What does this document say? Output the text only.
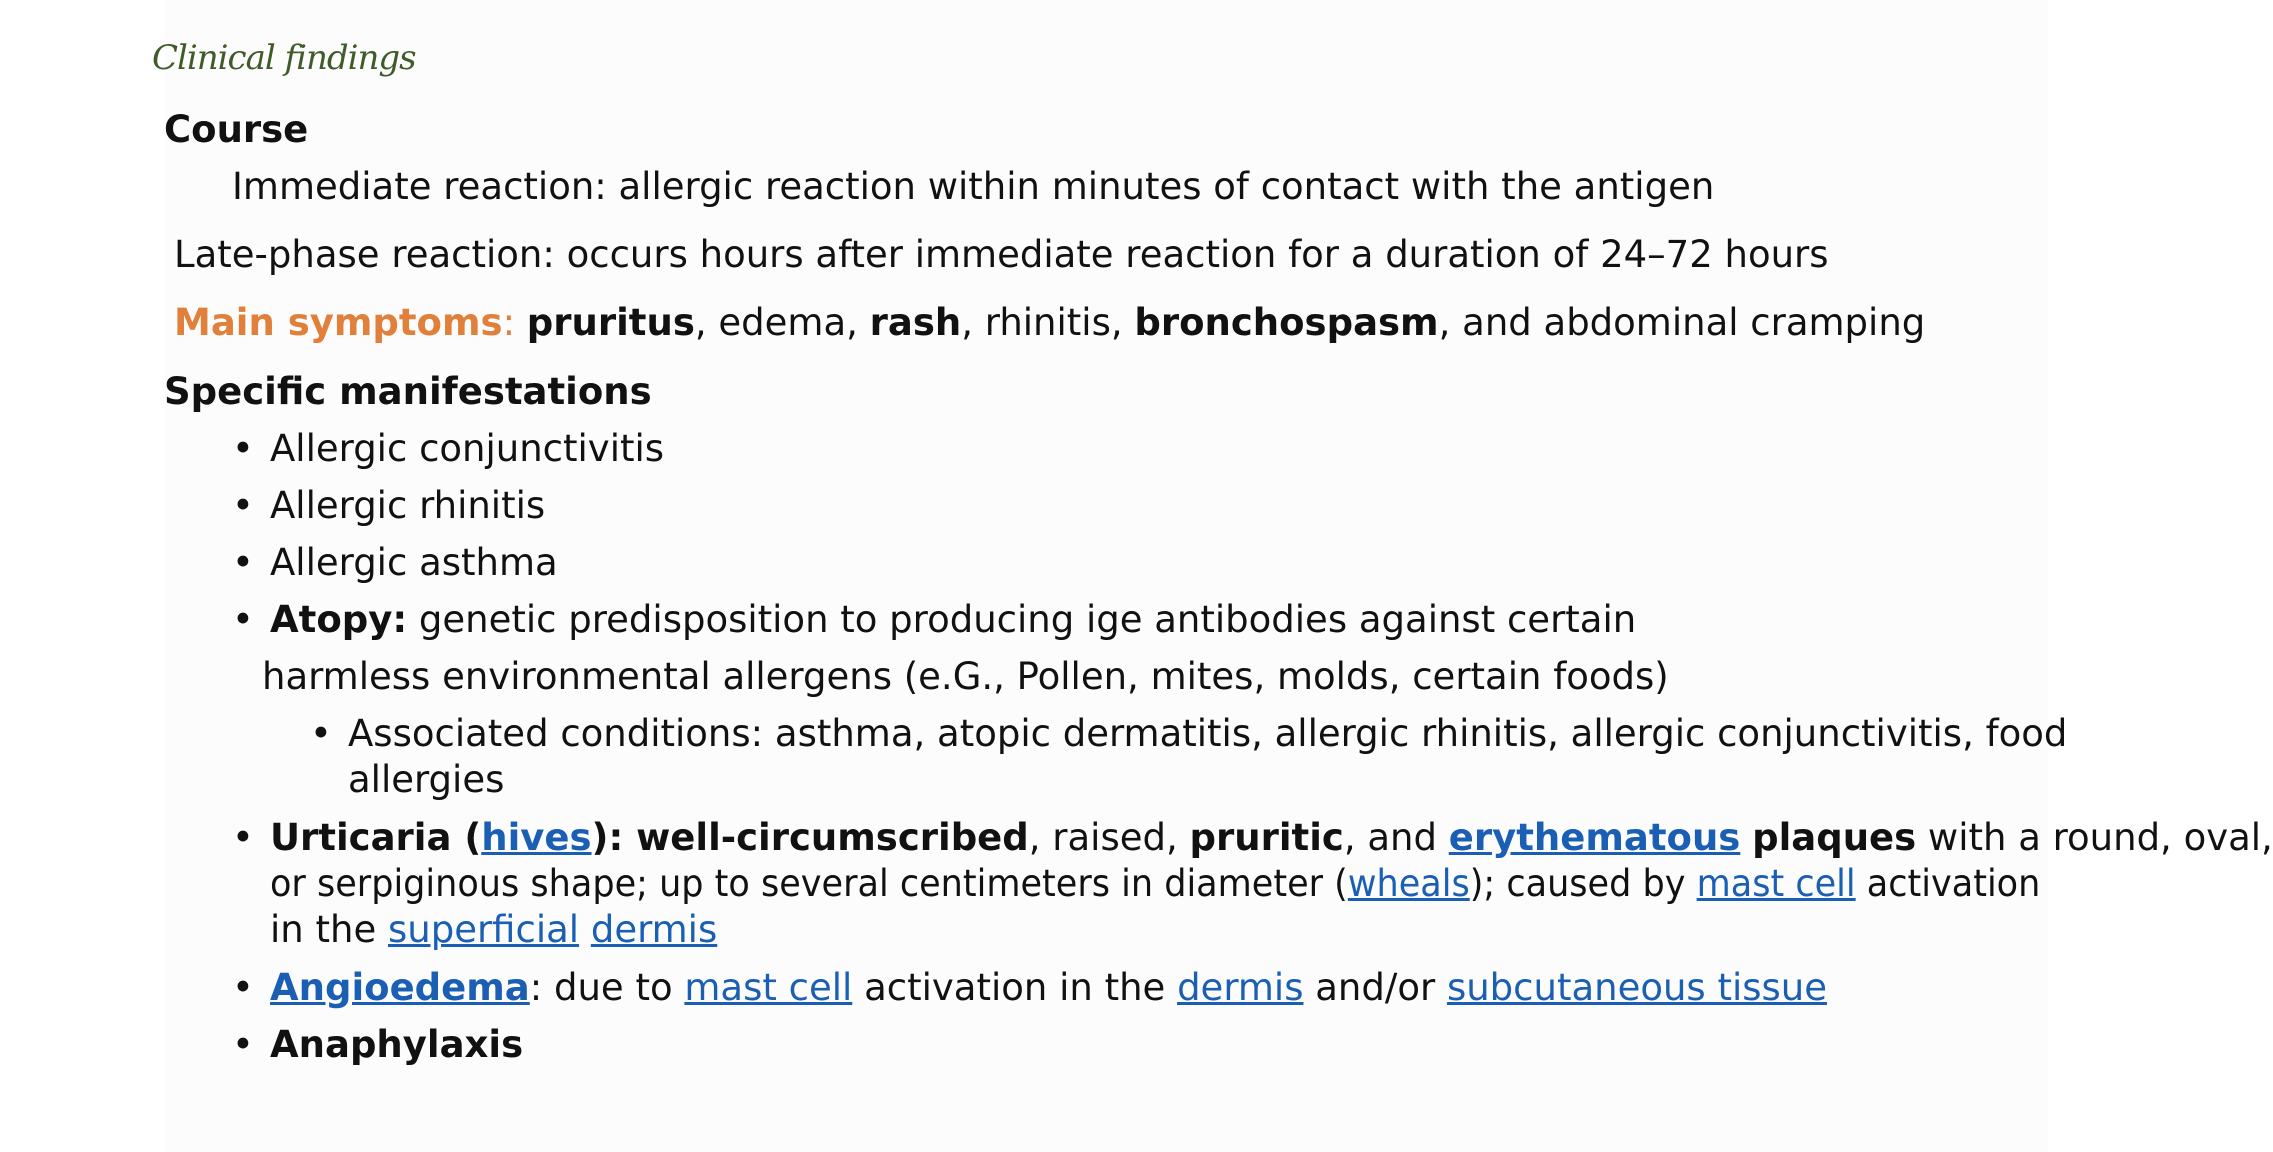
Clinical findings
Course
Immediate reaction: allergic reaction within minutes of contact with the antigen
Late-phase reaction: occurs hours after immediate reaction for a duration of 24–72 hours
Main symptoms: pruritus, edema, rash, rhinitis, bronchospasm, and abdominal cramping
Specific manifestations
• Allergic conjunctivitis
• Allergic rhinitis
• Allergic asthma
• Atopy: genetic predisposition to producing ige antibodies against certain
harmless environmental allergens (e.G., Pollen, mites, molds, certain foods)
• Associated conditions: asthma, atopic dermatitis, allergic rhinitis, allergic conjunctivitis, food
allergies
• Urticaria (hives): well-circumscribed, raised, pruritic, and erythematous plaques with a round, oval,
or serpiginous shape; up to several centimeters in diameter (wheals); caused by mast cell activation
in the superficial dermis
• Angioedema: due to mast cell activation in the dermis and/or subcutaneous tissue
• Anaphylaxis
